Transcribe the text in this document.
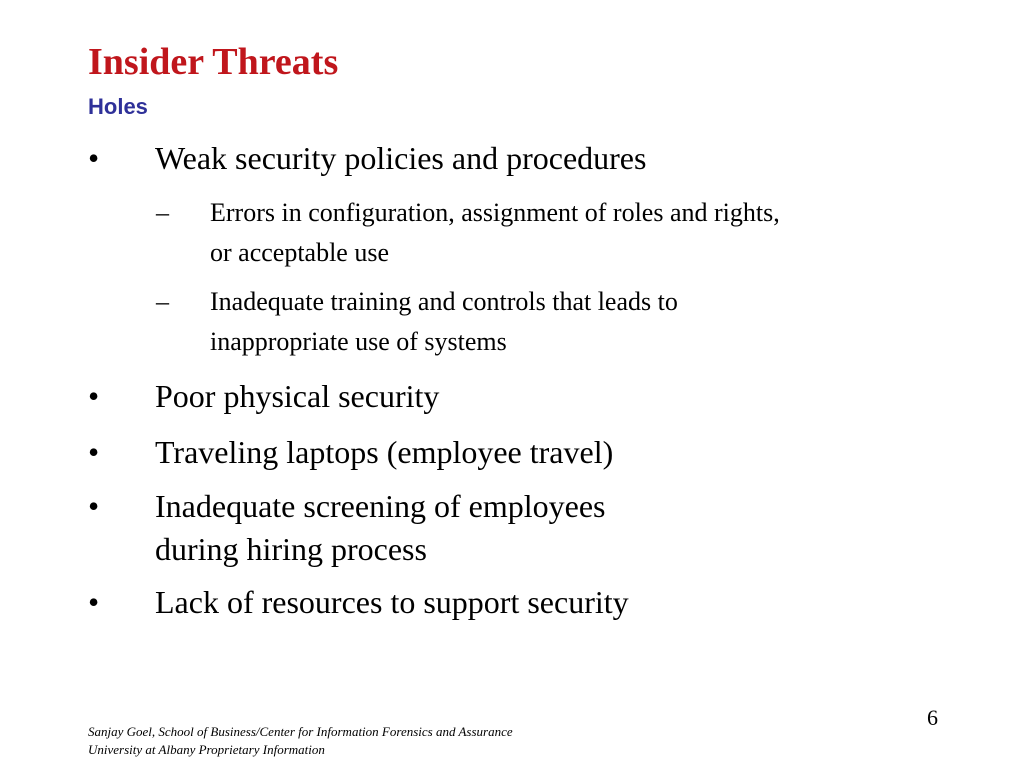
Insider Threats
Holes
•	Weak security policies and procedures
–	Errors in configuration, assignment of roles and rights,
or acceptable use
–	Inadequate training and controls that leads to
inappropriate use of systems
•	Poor physical security
•	Traveling laptops (employee travel)
•	Inadequate screening of employees
during hiring process
•	Lack of resources to support security
6
Sanjay Goel, School of Business/Center for Information Forensics and Assurance
University at Albany Proprietary Information
